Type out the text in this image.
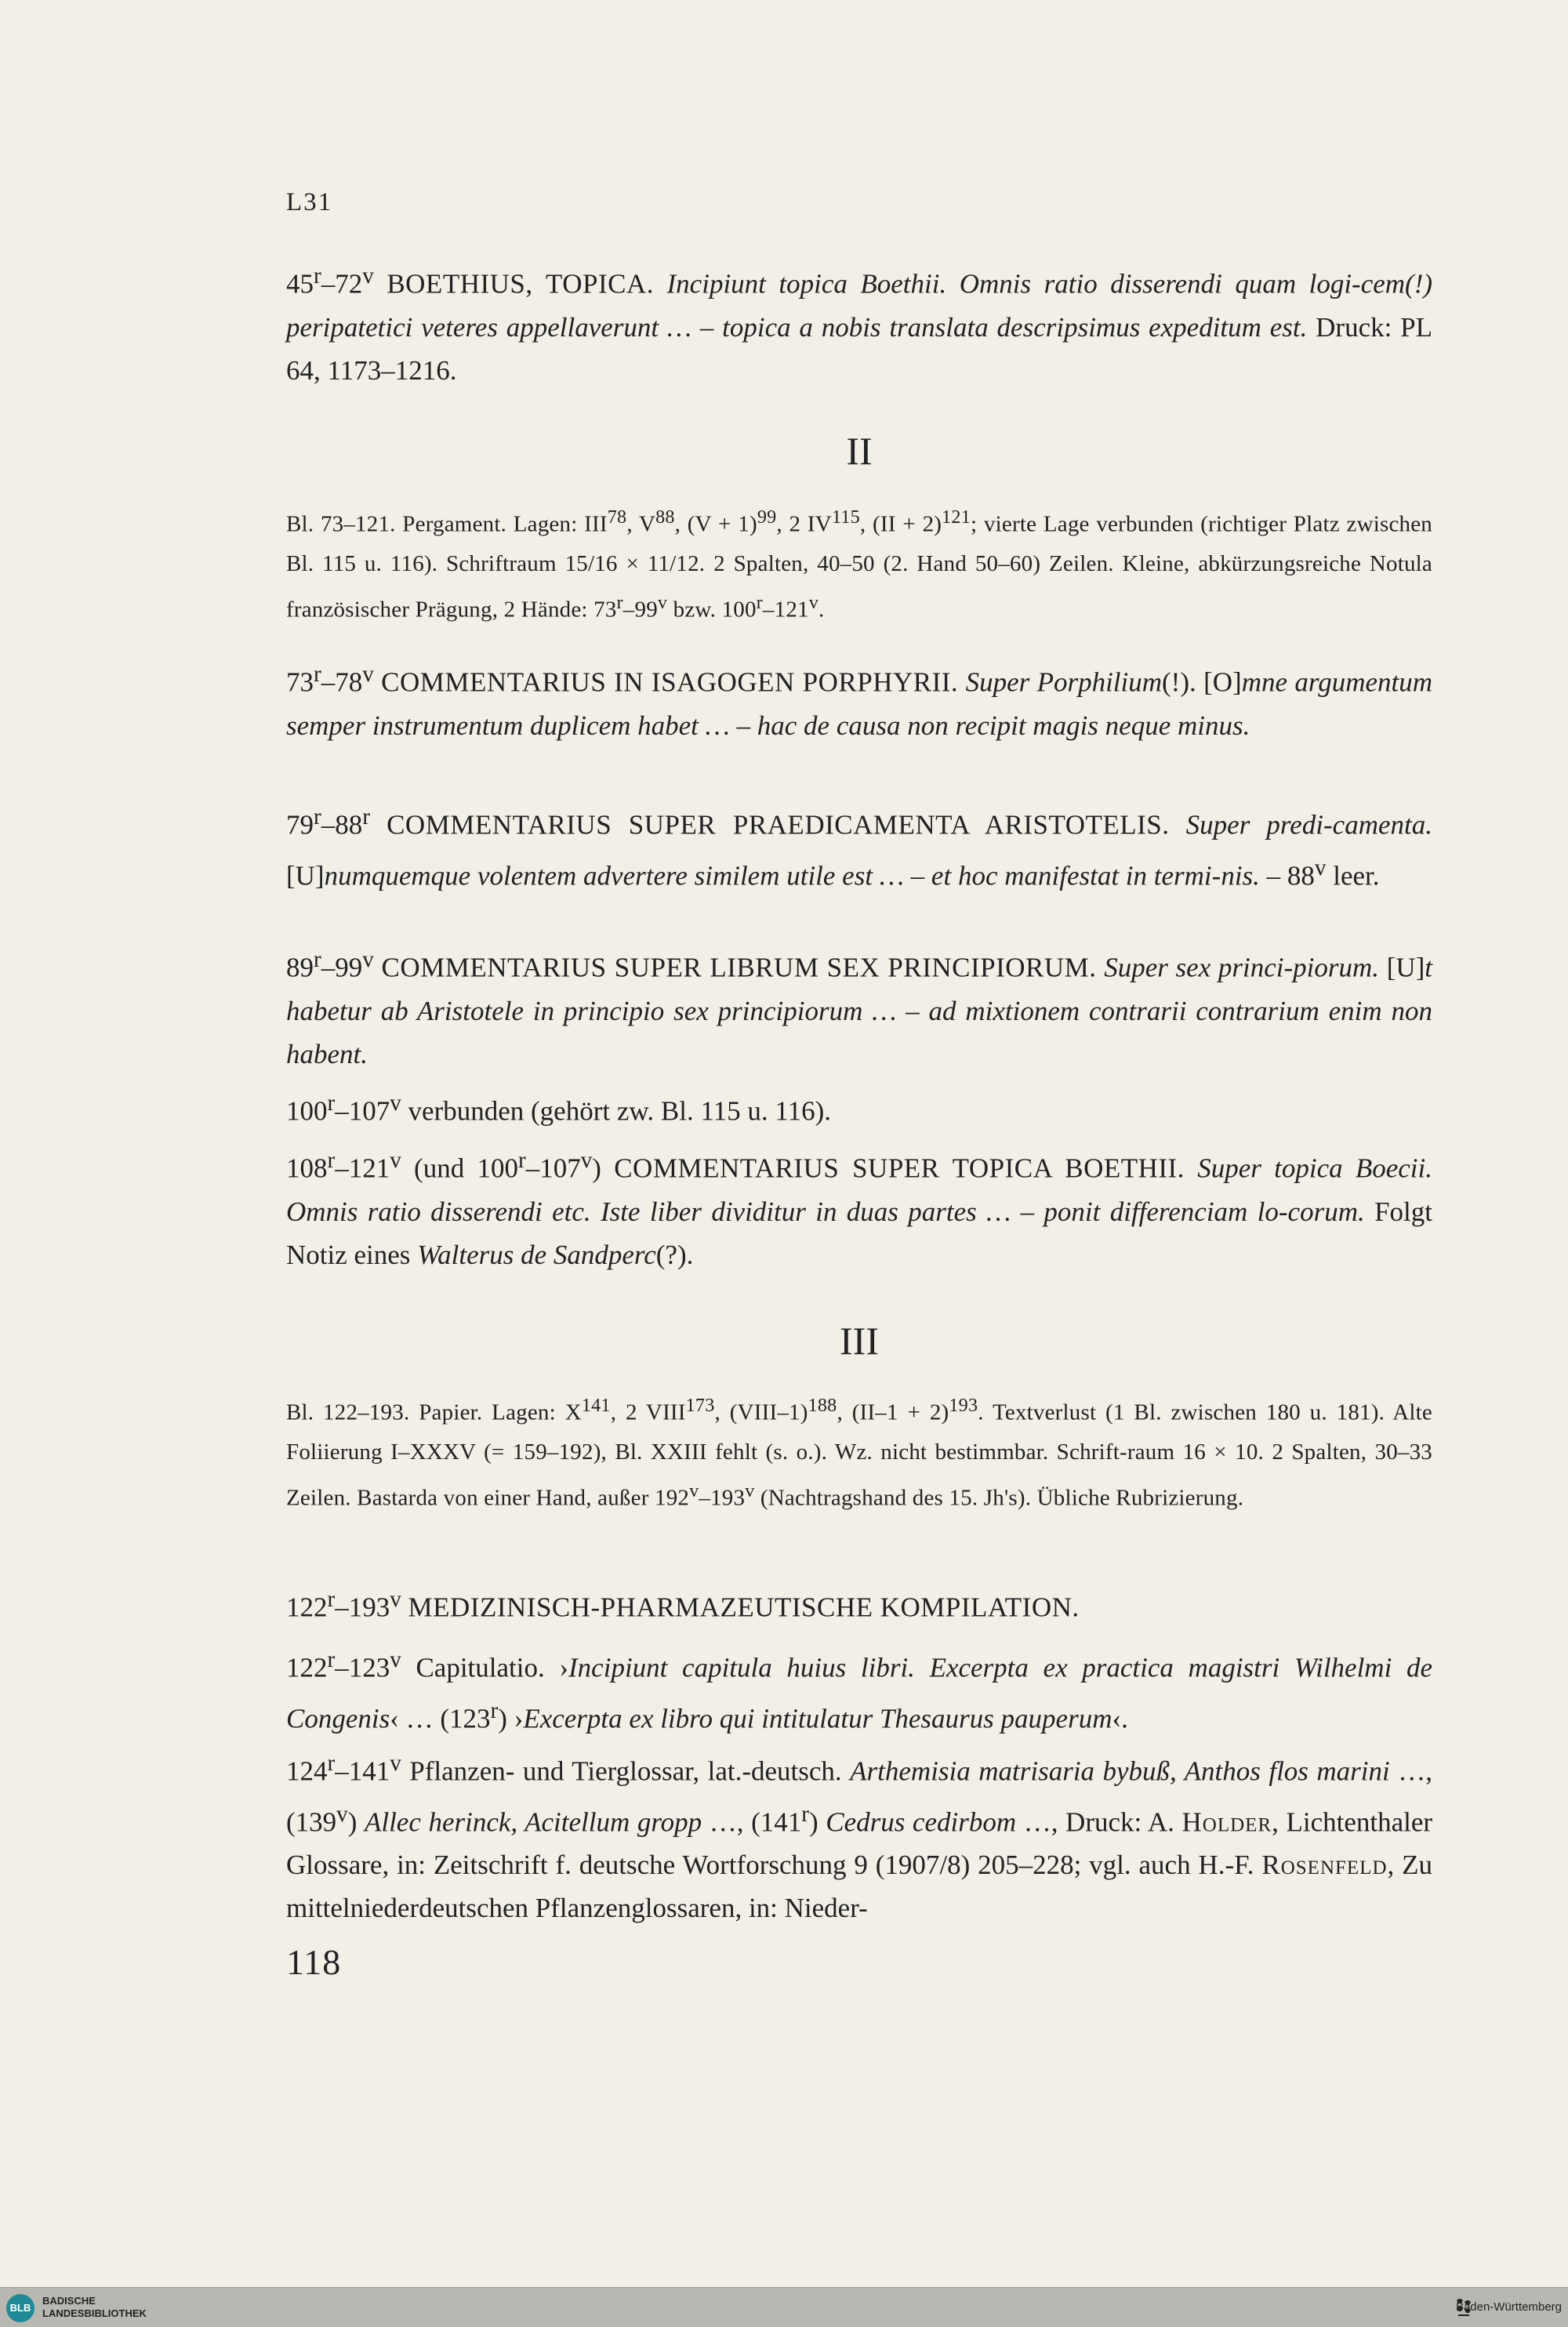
L31

45$^r$–72$^v$ BOETHIUS, TOPICA. Incipiunt topica Boethii. Omnis ratio disserendi quam logi-cem(!) peripatetici veteres appellaverunt … – topica a nobis translata descripsimus expeditum est. Druck: PL 64, 1173–1216.

II

Bl. 73–121. Pergament. Lagen: III$^{78}$, $V^{88}$, $(V + 1)^{99}$, 2 IV$^{115}$, (II + 2)$^{121}$; vierte Lage verbunden (richtiger Platz zwischen Bl. 115 u. 116). Schriftraum 15/16 × 11/12. 2 Spalten, 40–50 (2. Hand 50–60) Zeilen. Kleine, abkürzungsreiche Notula französischer Prägung, 2 Hände: 73$^r$–99$^v$ bzw. 100$^r$–121$^v$.

73$^r$–78$^v$ COMMENTARIUS IN ISAGOGEN PORPHYRII. Super Porphilium(!). [O]mne argumentum semper instrumentum duplicem habet … – hac de causa non recipit magis neque minus.

79$^r$–88$^r$ COMMENTARIUS SUPER PRAEDICAMENTA ARISTOTELIS. Super predi-camenta. [U]numquemque volentem advertere similem utile est … – et hoc manifestat in termi-nis. – 88$^v$ leer.

89$^r$–99$^v$ COMMENTARIUS SUPER LIBRUM SEX PRINCIPIORUM. Super sex princi-piorum. [U]t habetur ab Aristotele in principio sex principiorum … – ad mixtionem contrarii contrarium enim non habent.

100$^r$–107$^v$ verbunden (gehört zw. Bl. 115 u. 116).

108$^r$–121$^v$ (und 100$^r$–107$^v$) COMMENTARIUS SUPER TOPICA BOETHII. Super topica Boecii. Omnis ratio disserendi etc. Iste liber dividitur in duas partes … – ponit differenciam lo-corum. Folgt Notiz eines Walterus de Sandperc(?).

III

Bl. 122–193. Papier. Lagen: $X^{141}$, 2 VIII$^{173}$, (VIII–1)$^{188}$, $(II-1 + 2)^{193}$. Textverlust (1 Bl. zwischen 180 u. 181). Alte Foliierung I–XXXV (= 159–192), Bl. XXIII fehlt (s. o.). Wz. nicht bestimmbar. Schrift-raum 16 × 10. 2 Spalten, 30–33 Zeilen. Bastarda von einer Hand, außer 192$^v$–193$^v$ (Nachtragshand des 15. Jh's). Übliche Rubrizierung.

122$^r$–193$^v$ MEDIZINISCH-PHARMAZEUTISCHE KOMPILATION.

122$^r$–123$^v$ Capitulatio. ›Incipiunt capitula huius libri. Excerpta ex practica magistri Wilhelmi de Congenis‹ … (123$^r$) ›Excerpta ex libro qui intitulatur Thesaurus pauperum‹.

124$^r$–141$^v$ Pflanzen- und Tierglossar, lat.-deutsch. Arthemisia matrisaria bybuß, Anthos flos marini …, (139$^v$) Allec herinck, Acitellum gropp …, (141$^r$) Cedrus cedirbom …, Druck: A. Holder, Lichtenthaler Glossare, in: Zeitschrift f. deutsche Wortforschung 9 (1907/8) 205–228; vgl. auch H.-F. Rosenfeld, Zu mittelniederdeutschen Pflanzenglossaren, in: Nieder-

118
BLB
BADISCHE
LANDESBIBLIOTHEK	Baden-Württemberg
